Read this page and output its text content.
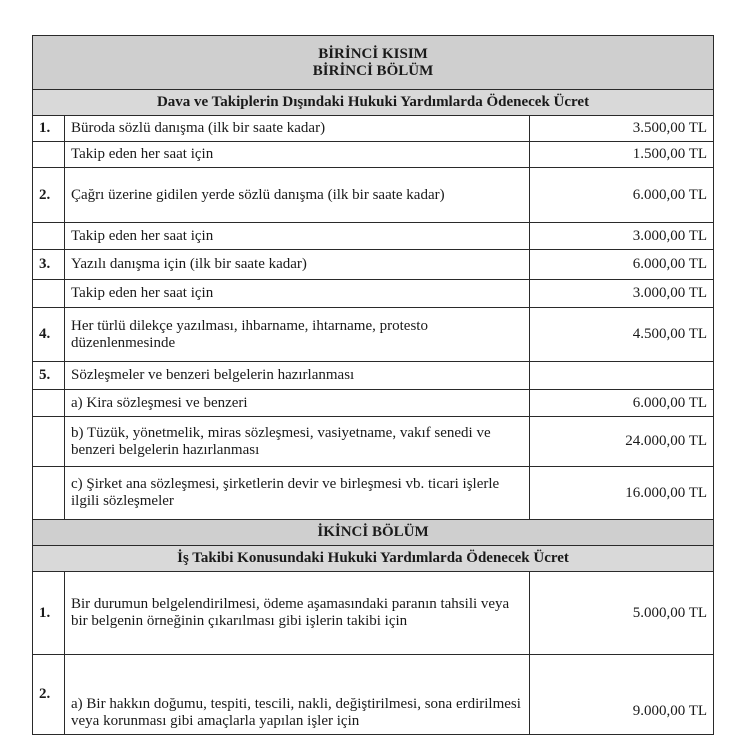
BİRİNCİ KISIM
BİRİNCİ BÖLÜM		

Dava ve Takiplerin Dışındaki Hukuki Yardımlarda Ödenecek Ücret		
1.	Büroda sözlü danışma (ilk bir saate kadar)	3.500,00 TL
	Takip eden her saat için	1.500,00 TL
2.	Çağrı üzerine gidilen yerde sözlü danışma (ilk bir saate kadar)	6.000,00 TL
	Takip eden her saat için	3.000,00 TL
3.	Yazılı danışma için (ilk bir saate kadar)	6.000,00 TL
	Takip eden her saat için	3.000,00 TL
4.	Her türlü dilekçe yazılması, ihbarname, ihtarname, protesto düzenlenmesinde	4.500,00 TL
5.	Sözleşmeler ve benzeri belgelerin hazırlanması	
	a) Kira sözleşmesi ve benzeri	6.000,00 TL
	b) Tüzük, yönetmelik, miras sözleşmesi, vasiyetname, vakıf senedi ve benzeri belgelerin hazırlanması	24.000,00 TL
	c) Şirket ana sözleşmesi, şirketlerin devir ve birleşmesi vb. ticari işlerle ilgili sözleşmeler	16.000,00 TL
İKİNCİ BÖLÜM		
İş Takibi Konusundaki Hukuki Yardımlarda Ödenecek Ücret		
1.	Bir durumun belgelendirilmesi, ödeme aşamasındaki paranın tahsili veya bir belgenin örneğinin çıkarılması gibi işlerin takibi için	5.000,00 TL
2.	a) Bir hakkın doğumu, tespiti, tescili, nakli, değiştirilmesi, sona erdirilmesi veya korunması gibi amaçlarla yapılan işler için	9.000,00 TL
